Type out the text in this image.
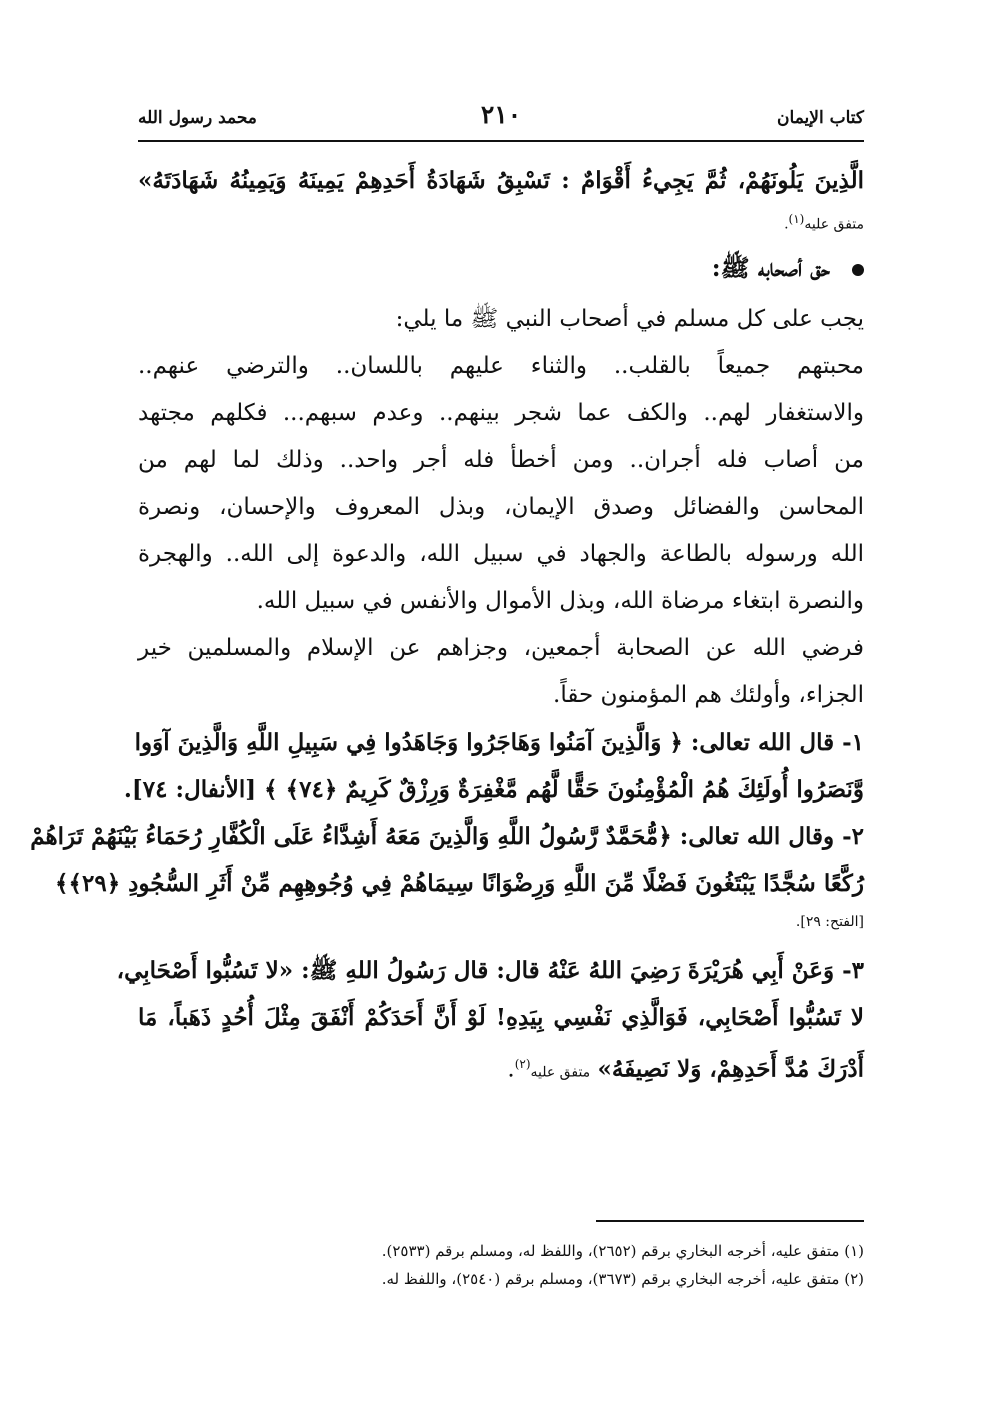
كتاب الإيمان
٢١٠
محمد رسول الله
الَّذِينَ يَلُونَهُمْ، ثُمَّ يَجِيءُ أَقْوَامٌ : تَسْبِقُ شَهَادَةُ أَحَدِهِمْ يَمِينَهُ وَيَمِينُهُ شَهَادَتَهُ»
متفق عليه(١).
حق أصحابه ﷺ:
يجب على كل مسلم في أصحاب النبي ﷺ ما يلي:
محبتهم جميعاً بالقلب.. والثناء عليهم باللسان.. والترضي عنهم..
والاستغفار لهم.. والكف عما شجر بينهم.. وعدم سبهم... فكلهم مجتهد
من أصاب فله أجران.. ومن أخطأ فله أجر واحد.. وذلك لما لهم من
المحاسن والفضائل وصدق الإيمان، وبذل المعروف والإحسان، ونصرة
الله ورسوله بالطاعة والجهاد في سبيل الله، والدعوة إلى الله.. والهجرة
والنصرة ابتغاء مرضاة الله، وبذل الأموال والأنفس في سبيل الله.
فرضي الله عن الصحابة أجمعين، وجزاهم عن الإسلام والمسلمين خير
الجزاء، وأولئك هم المؤمنون حقاً.
١- قال الله تعالى: ﴿ وَالَّذِينَ آمَنُوا وَهَاجَرُوا وَجَاهَدُوا فِي سَبِيلِ اللَّهِ وَالَّذِينَ آوَوا
وَّنَصَرُوا أُولَئِكَ هُمُ الْمُؤْمِنُونَ حَقًّا لَّهُم مَّغْفِرَةٌ وَرِزْقٌ كَرِيمٌ ﴿٧٤﴾ ﴾ [الأنفال: ٧٤].
٢- وقال الله تعالى: ﴿مُّحَمَّدٌ رَّسُولُ اللَّهِ وَالَّذِينَ مَعَهُ أَشِدَّاءُ عَلَى الْكُفَّارِ رُحَمَاءُ بَيْنَهُمْ تَرَاهُمْ
رُكَّعًا سُجَّدًا يَبْتَغُونَ فَضْلًا مِّنَ اللَّهِ وَرِضْوَانًا سِيمَاهُمْ فِي وُجُوهِهِم مِّنْ أَثَرِ السُّجُودِ ﴿٢٩﴾﴾
[الفتح: ٢٩].
٣- وَعَنْ أَبِي هُرَيْرَةَ رَضِيَ اللهُ عَنْهُ قال: قال رَسُولُ اللهِ ﷺ: «لا تَسُبُّوا أَصْحَابِي،
لا تَسُبُّوا أَصْحَابِي، فَوَالَّذِي نَفْسِي بِيَدِهِ! لَوْ أَنَّ أَحَدَكُمْ أَنْفَقَ مِثْلَ أُحُدٍ ذَهَباً، مَا
أَدْرَكَ مُدَّ أَحَدِهِمْ، وَلا نَصِيفَهُ» متفق عليه$^{(٢)}$.
(١) متفق عليه، أخرجه البخاري برقم (٢٦٥٢)، واللفظ له، ومسلم برقم (٢٥٣٣).
(٢) متفق عليه، أخرجه البخاري برقم (٣٦٧٣)، ومسلم برقم (٢٥٤٠)، واللفظ له.
